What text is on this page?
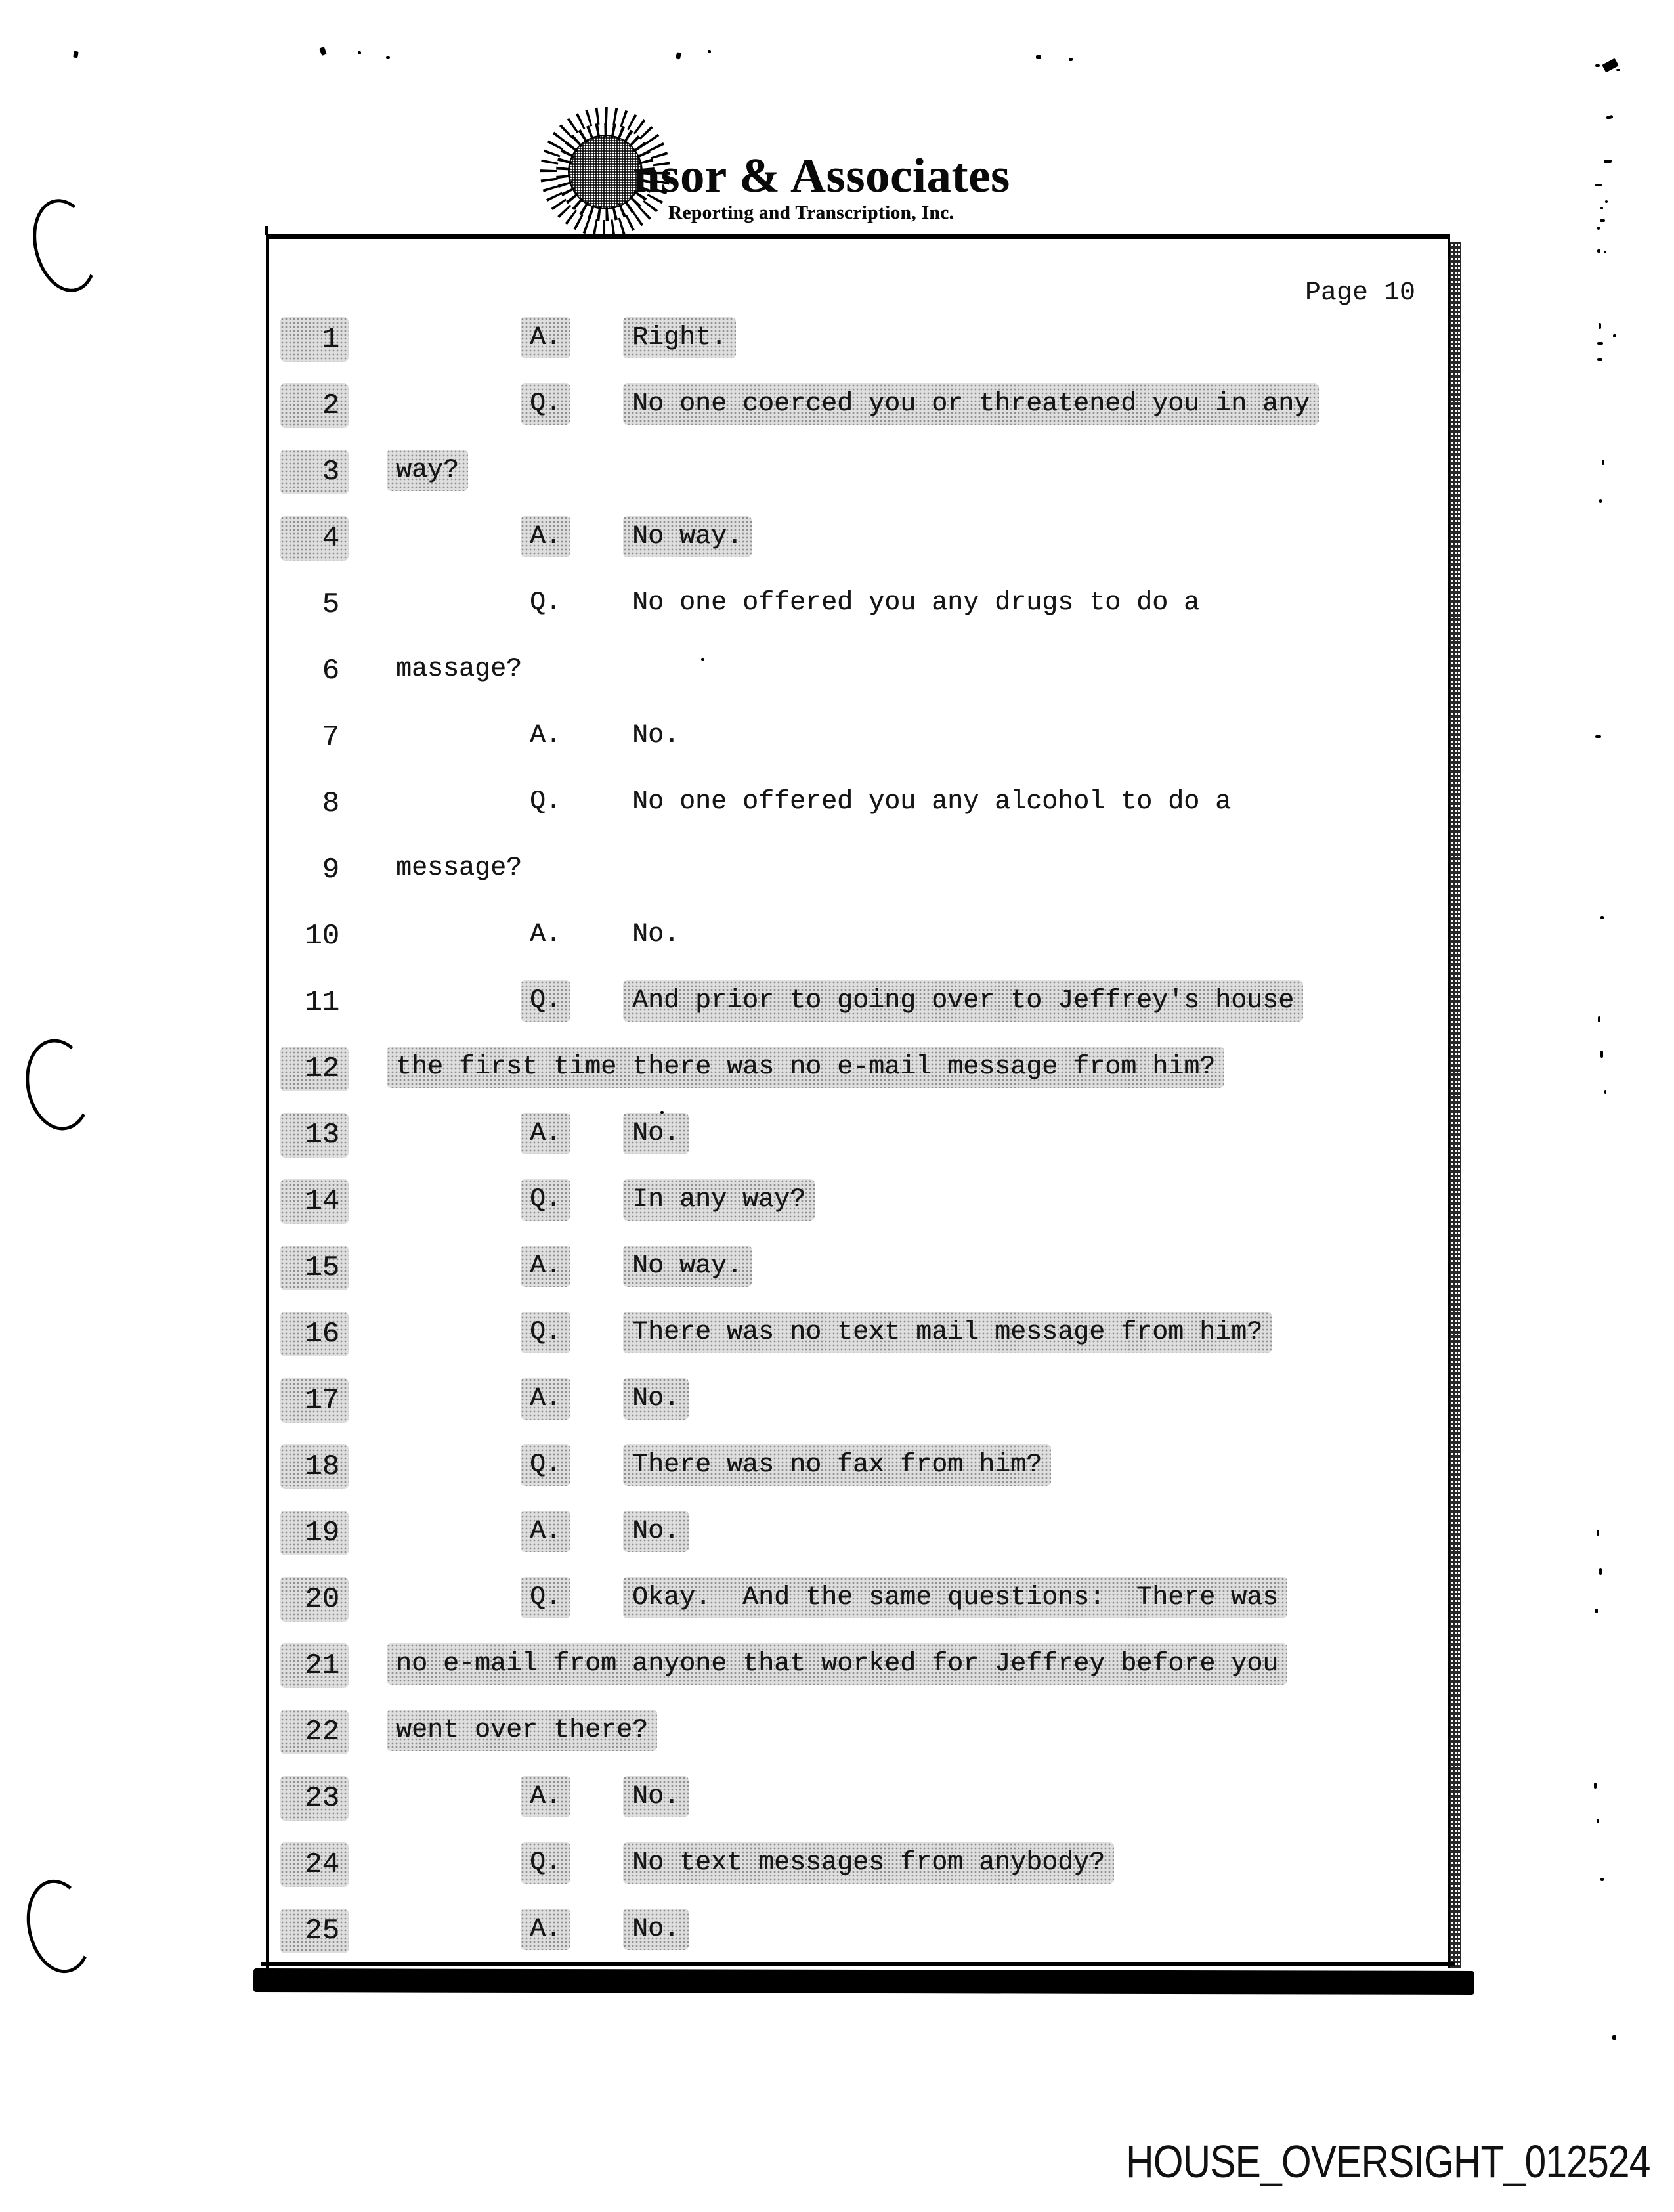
nsor & Associates
Reporting and Transcription, Inc.
Page 10
1	A.	Right.
2	Q.	No one coerced you or threatened you in any
3	way?
4	A.	No way.
5	Q.	No one offered you any drugs to do a
6 massage?
7	A.	No.
8	Q.	No one offered you any alcohol to do a
9 message?
10	A.	No.
11	Q.	And prior to going over to Jeffrey's house
12	the first time there was no e-mail message from him?
13	A.	No.
14	Q.	In any way?
15	A.	No way.
16	Q.	There was no text mail message from him?
17	A.	No.
18	Q.	There was no fax from him?
19	A.	No.
20	Q.	Okay.  And the same questions:  There was
21	no e-mail from anyone that worked for Jeffrey before you
22	went over there?
23	A.	No.
24	Q.	No text messages from anybody?
25	A.	No.
HOUSE_OVERSIGHT_012524
